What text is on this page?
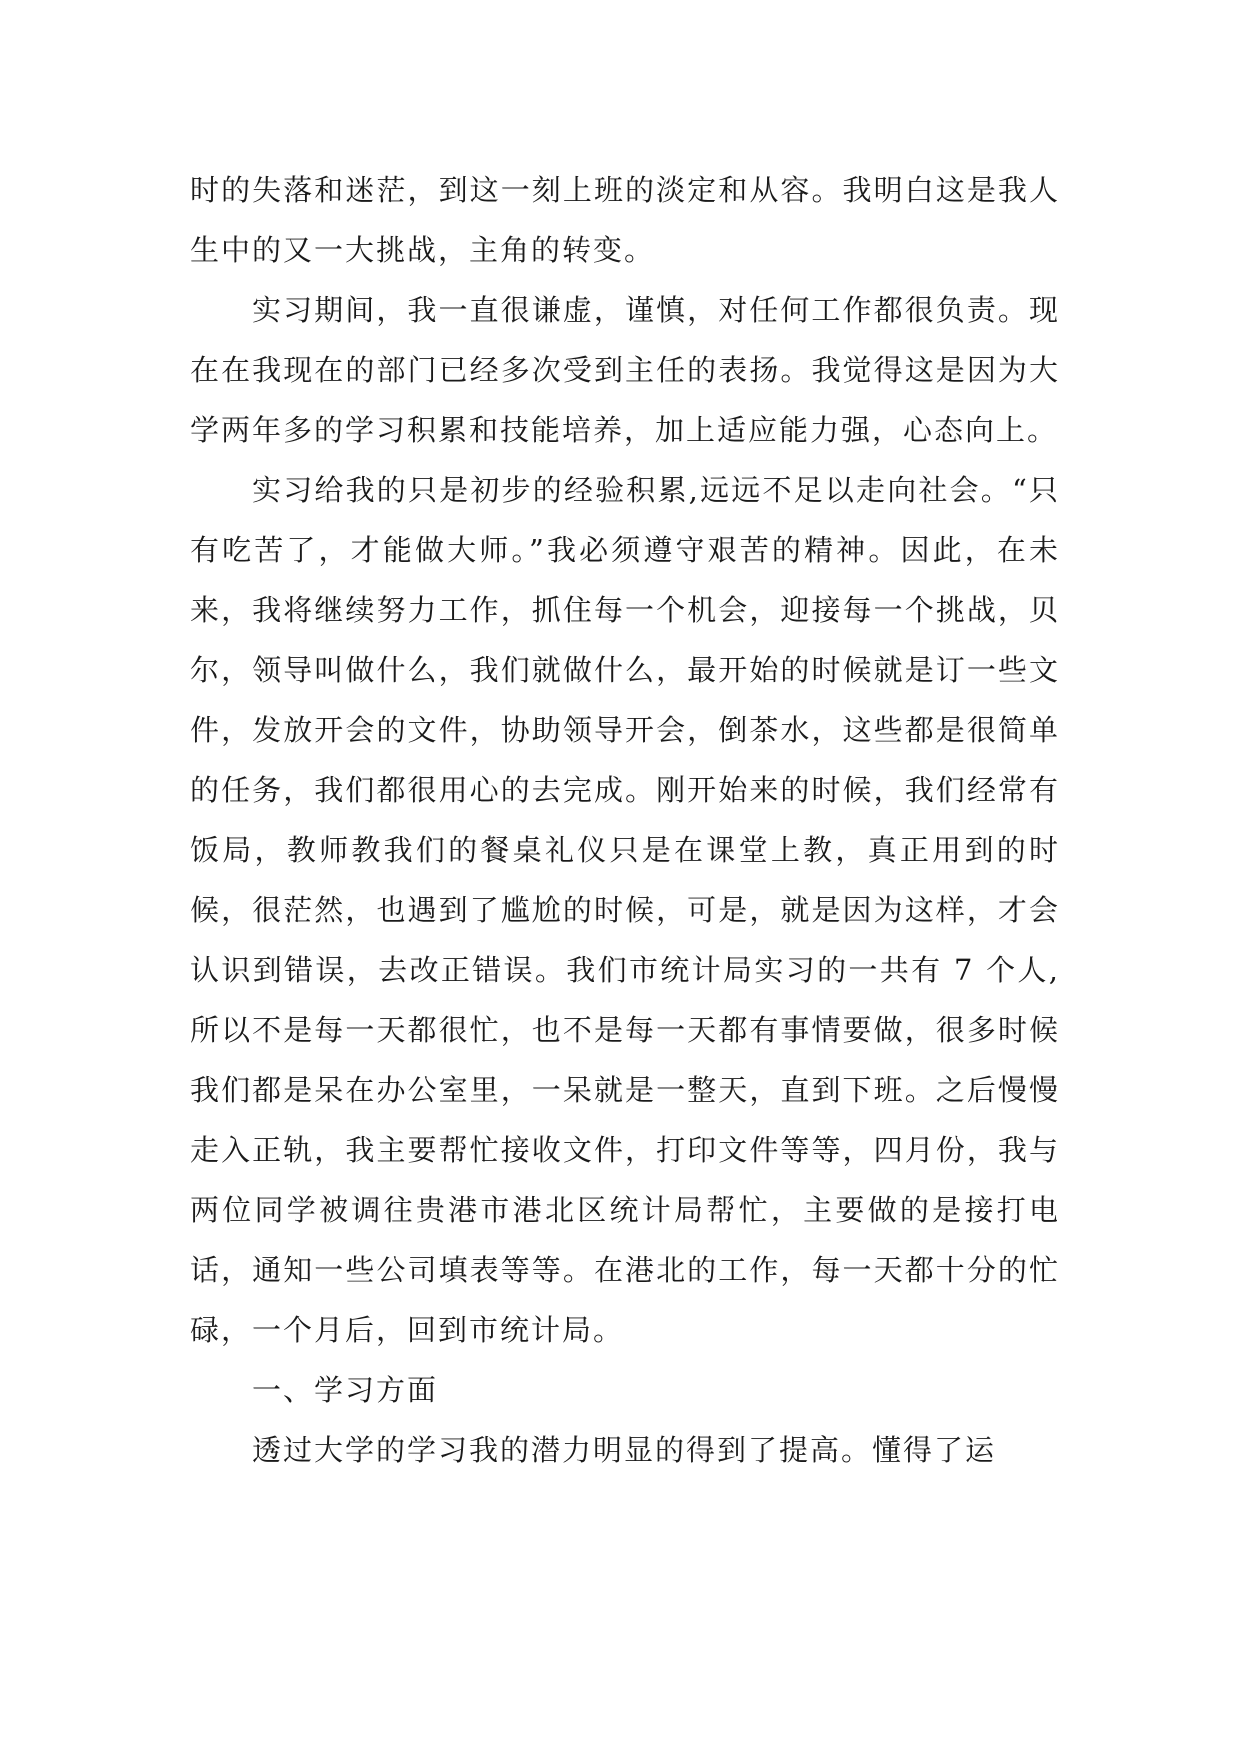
时的失落和迷茫，到这一刻上班的淡定和从容。我明白这是我人生中的又一大挑战，主角的转变。

实习期间，我一直很谦虚，谨慎，对任何工作都很负责。现在在我现在的部门已经多次受到主任的表扬。我觉得这是因为大学两年多的学习积累和技能培养，加上适应能力强，心态向上。

实习给我的只是初步的经验积累,远远不足以走向社会。“只有吃苦了，才能做大师。”我必须遵守艰苦的精神。因此，在未来，我将继续努力工作，抓住每一个机会，迎接每一个挑战，贝尔，领导叫做什么，我们就做什么，最开始的时候就是订一些文件，发放开会的文件，协助领导开会，倒茶水，这些都是很简单的任务，我们都很用心的去完成。刚开始来的时候，我们经常有饭局，教师教我们的餐桌礼仪只是在课堂上教，真正用到的时候，很茫然，也遇到了尴尬的时候，可是，就是因为这样，才会认识到错误，去改正错误。我们市统计局实习的一共有 7 个人,所以不是每一天都很忙，也不是每一天都有事情要做，很多时候我们都是呆在办公室里，一呆就是一整天，直到下班。之后慢慢走入正轨，我主要帮忙接收文件，打印文件等等，四月份，我与两位同学被调往贵港市港北区统计局帮忙，主要做的是接打电话，通知一些公司填表等等。在港北的工作，每一天都十分的忙碌，一个月后，回到市统计局。

一、学习方面

透过大学的学习我的潜力明显的得到了提高。懂得了运
